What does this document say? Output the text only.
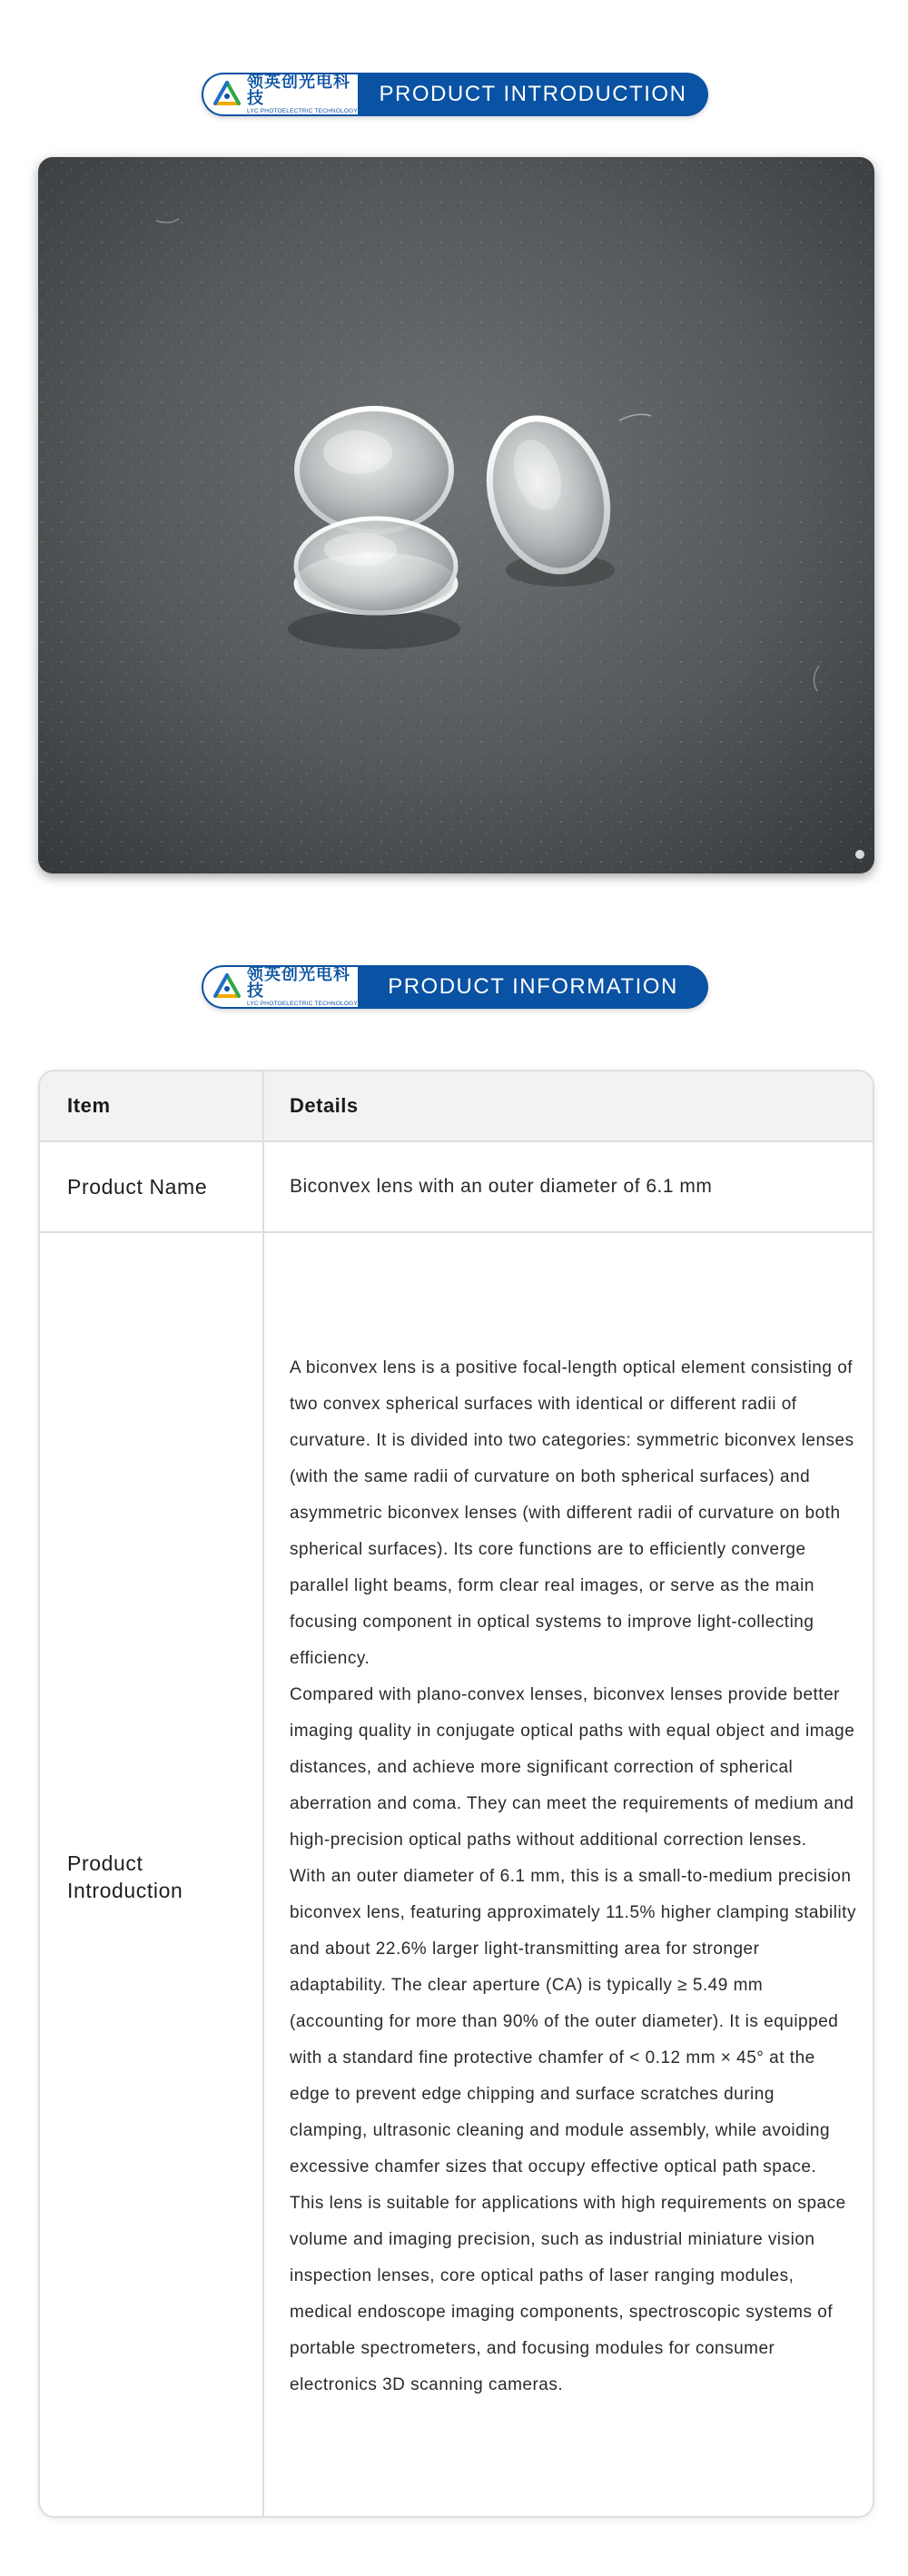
领英创光电科技
LYC PHOTOELECTRIC TECHNOLOGY
PRODUCT INTRODUCTION
领英创光电科技
LYC PHOTOELECTRIC TECHNOLOGY
PRODUCT INFORMATION
Item	Details
Product Name	Biconvex lens with an outer diameter of 6.1 mm
Product Introduction

A biconvex lens is a positive focal-length optical element consisting of two convex spherical surfaces with identical or different radii of curvature. It is divided into two categories: symmetric biconvex lenses (with the same radii of curvature on both spherical surfaces) and asymmetric biconvex lenses (with different radii of curvature on both spherical surfaces). Its core functions are to efficiently converge parallel light beams, form clear real images, or serve as the main focusing component in optical systems to improve light-collecting efficiency.

Compared with plano-convex lenses, biconvex lenses provide better imaging quality in conjugate optical paths with equal object and image distances, and achieve more significant correction of spherical aberration and coma. They can meet the requirements of medium and high-precision optical paths without additional correction lenses.

With an outer diameter of 6.1 mm, this is a small-to-medium precision biconvex lens, featuring approximately 11.5% higher clamping stability and about 22.6% larger light-transmitting area for stronger adaptability. The clear aperture (CA) is typically ≥ 5.49 mm (accounting for more than 90% of the outer diameter). It is equipped with a standard fine protective chamfer of < 0.12 mm × 45° at the edge to prevent edge chipping and surface scratches during clamping, ultrasonic cleaning and module assembly, while avoiding excessive chamfer sizes that occupy effective optical path space.

This lens is suitable for applications with high requirements on space volume and imaging precision, such as industrial miniature vision inspection lenses, core optical paths of laser ranging modules, medical endoscope imaging components, spectroscopic systems of portable spectrometers, and focusing modules for consumer electronics 3D scanning cameras.
